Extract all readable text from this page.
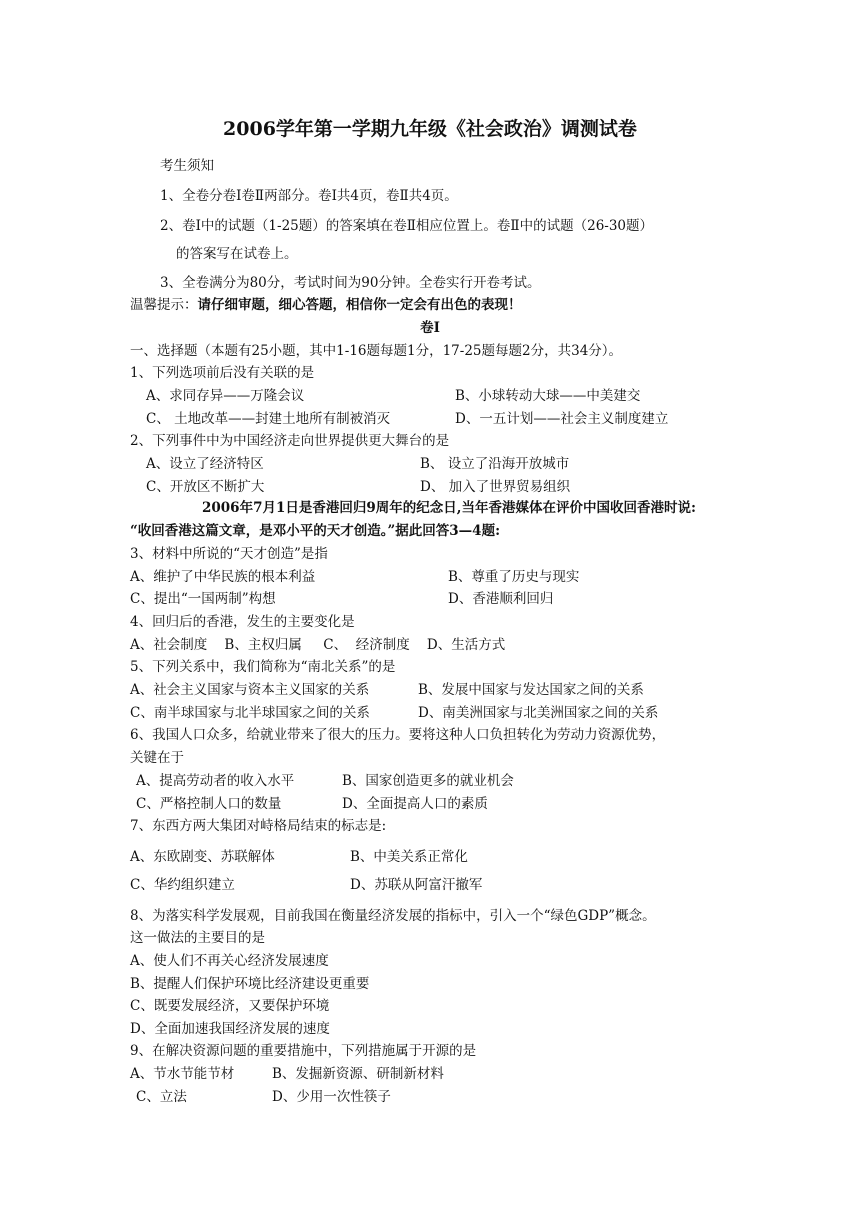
2006学年第一学期九年级《社会政治》调测试卷
考生须知
1、全卷分卷Ⅰ卷Ⅱ两部分。卷Ⅰ共4页，卷Ⅱ共4页。
2、卷Ⅰ中的试题（1-25题）的答案填在卷Ⅱ相应位置上。卷Ⅱ中的试题（26-30题）
的答案写在试卷上。
3、全卷满分为80分，考试时间为90分钟。全卷实行开卷考试。
温馨提示：请仔细审题，细心答题，相信你一定会有出色的表现！
卷Ⅰ
一、选择题（本题有25小题，其中1-16题每题1分，17-25题每题2分，共34分）。
1、下列选项前后没有关联的是
A、求同存异——万隆会议	B、小球转动大球——中美建交
C、 土地改革——封建土地所有制被消灭	D、一五计划——社会主义制度建立
2、下列事件中为中国经济走向世界提供更大舞台的是
A、设立了经济特区	B、 设立了沿海开放城市
C、开放区不断扩大	D、 加入了世界贸易组织
2006年7月1日是香港回归9周年的纪念日,当年香港媒体在评价中国收回香港时说:
“收回香港这篇文章，是邓小平的天才创造。”据此回答3—4题:
3、材料中所说的“天才创造”是指
A、维护了中华民族的根本利益	B、尊重了历史与现实
C、提出“一国两制”构想	D、香港顺利回归
4、回归后的香港，发生的主要变化是
A、社会制度    B、主权归属     C、  经济制度    D、生活方式
5、下列关系中，我们简称为“南北关系”的是
A、社会主义国家与资本主义国家的关系	B、发展中国家与发达国家之间的关系
C、南半球国家与北半球国家之间的关系	D、南美洲国家与北美洲国家之间的关系
6、我国人口众多，给就业带来了很大的压力。要将这种人口负担转化为劳动力资源优势，
关键在于
A、提高劳动者的收入水平	B、国家创造更多的就业机会
C、严格控制人口的数量	D、全面提高人口的素质
7、东西方两大集团对峙格局结束的标志是:
A、东欧剧变、苏联解体	B、中美关系正常化
C、华约组织建立	D、苏联从阿富汗撤军
8、为落实科学发展观，目前我国在衡量经济发展的指标中，引入一个“绿色GDP”概念。
这一做法的主要目的是
A、使人们不再关心经济发展速度
B、提醒人们保护环境比经济建设更重要
C、既要发展经济，又要保护环境
D、全面加速我国经济发展的速度
9、在解决资源问题的重要措施中，下列措施属于开源的是
A、节水节能节材	B、发掘新资源、研制新材料
C、立法	D、少用一次性筷子
